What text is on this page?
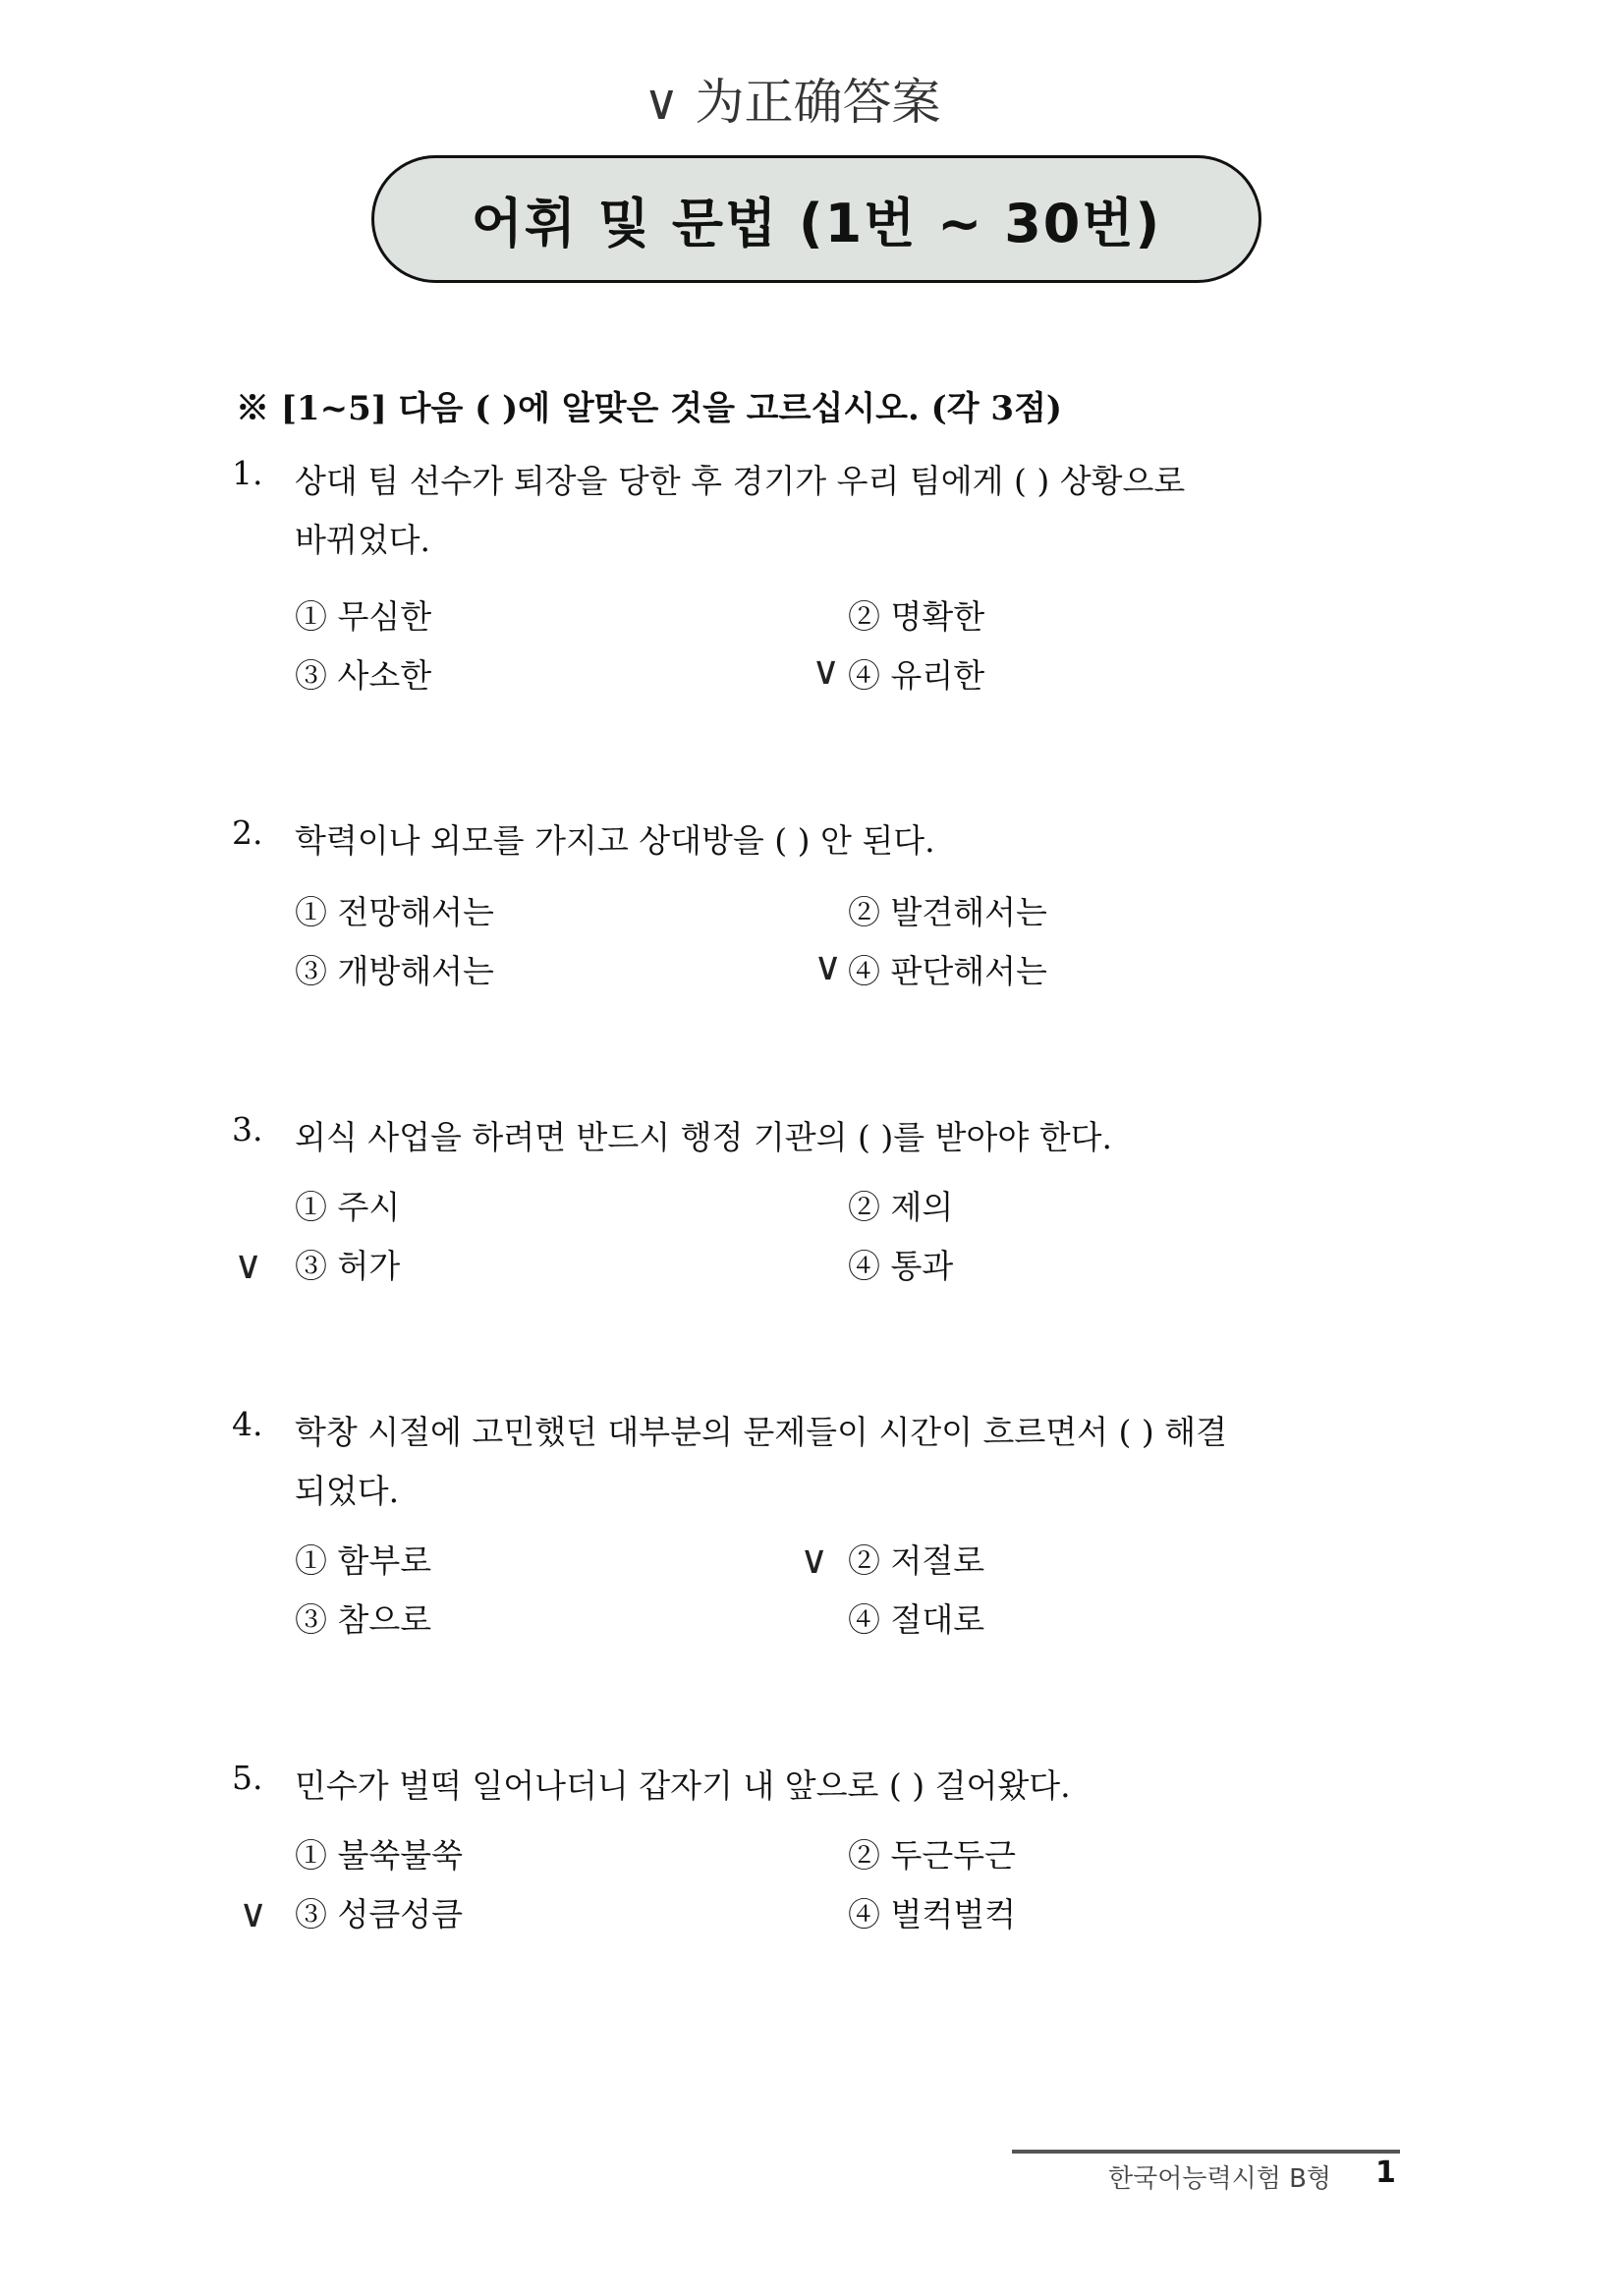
∨ 为正确答案
어휘 및 문법 (1번 ~ 30번)
※ [1~5] 다음 ( )에 알맞은 것을 고르십시오. (각 3점)
1. 상대 팀 선수가 퇴장을 당한 후 경기가 우리 팀에게 ( ) 상황으로
바뀌었다.
① 무심한	② 명확한
③ 사소한	∨ ④ 유리한
2. 학력이나 외모를 가지고 상대방을 ( ) 안 된다.
① 전망해서는	② 발견해서는
③ 개방해서는	∨ ④ 판단해서는
3. 외식 사업을 하려면 반드시 행정 기관의 ( )를 받아야 한다.
① 주시	② 제의
∨ ③ 허가	④ 통과
4. 학창 시절에 고민했던 대부분의 문제들이 시간이 흐르면서 ( ) 해결
되었다.
① 함부로	∨ ② 저절로
③ 참으로	④ 절대로
5. 민수가 벌떡 일어나더니 갑자기 내 앞으로 ( ) 걸어왔다.
① 불쑥불쑥	② 두근두근
∨ ③ 성큼성큼	④ 벌컥벌컥
한국어능력시험 B형 1
